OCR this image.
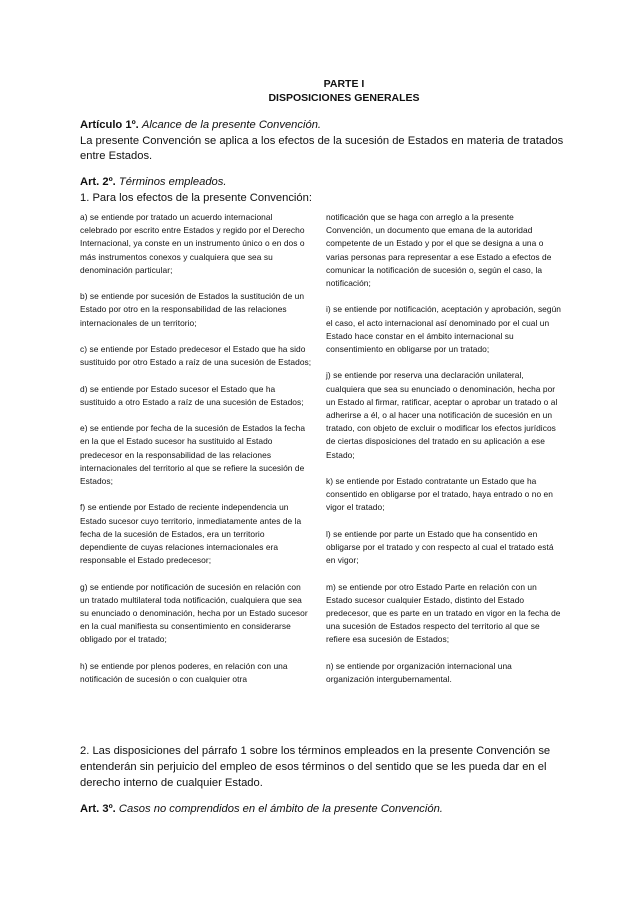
PARTE I
DISPOSICIONES GENERALES
Artículo 1º. Alcance de la presente Convención.
La presente Convención se aplica a los efectos de la sucesión de Estados en materia de tratados entre Estados.
Art. 2º. Términos empleados.
1. Para los efectos de la presente Convención:
a) se entiende por tratado un acuerdo internacional celebrado por escrito entre Estados y regido por el Derecho Internacional, ya conste en un instrumento único o en dos o más instrumentos conexos y cualquiera que sea su denominación particular;
b) se entiende por sucesión de Estados la sustitución de un Estado por otro en la responsabilidad de las relaciones internacionales de un territorio;
c) se entiende por Estado predecesor el Estado que ha sido sustituido por otro Estado a raíz de una sucesión de Estados;
d) se entiende por Estado sucesor el Estado que ha sustituido a otro Estado a raíz de una sucesión de Estados;
e) se entiende por fecha de la sucesión de Estados la fecha en la que el Estado sucesor ha sustituido al Estado predecesor en la responsabilidad de las relaciones internacionales del territorio al que se refiere la sucesión de Estados;
f) se entiende por Estado de reciente independencia un Estado sucesor cuyo territorio, inmediatamente antes de la fecha de la sucesión de Estados, era un territorio dependiente de cuyas relaciones internacionales era responsable el Estado predecesor;
g) se entiende por notificación de sucesión en relación con un tratado multilateral toda notificación, cualquiera que sea su enunciado o denominación, hecha por un Estado sucesor en la cual manifiesta su consentimiento en considerarse obligado por el tratado;
h) se entiende por plenos poderes, en relación con una notificación de sucesión o con cualquier otra
notificación que se haga con arreglo a la presente Convención, un documento que emana de la autoridad competente de un Estado y por el que se designa a una o varias personas para representar a ese Estado a efectos de comunicar la notificación de sucesión o, según el caso, la notificación;
i) se entiende por notificación, aceptación y aprobación, según el caso, el acto internacional así denominado por el cual un Estado hace constar en el ámbito internacional su consentimiento en obligarse por un tratado;
j) se entiende por reserva una declaración unilateral, cualquiera que sea su enunciado o denominación, hecha por un Estado al firmar, ratificar, aceptar o aprobar un tratado o al adherirse a él, o al hacer una notificación de sucesión en un tratado, con objeto de excluir o modificar los efectos jurídicos de ciertas disposiciones del tratado en su aplicación a ese Estado;
k) se entiende por Estado contratante un Estado que ha consentido en obligarse por el tratado, haya entrado o no en vigor el tratado;
l) se entiende por parte un Estado que ha consentido en obligarse por el tratado y con respecto al cual el tratado está en vigor;
m) se entiende por otro Estado Parte en relación con un Estado sucesor cualquier Estado, distinto del Estado predecesor, que es parte en un tratado en vigor en la fecha de una sucesión de Estados respecto del territorio al que se refiere esa sucesión de Estados;
n) se entiende por organización internacional una organización intergubernamental.
2. Las disposiciones del párrafo 1 sobre los términos empleados en la presente Convención se entenderán sin perjuicio del empleo de esos términos o del sentido que se les pueda dar en el derecho interno de cualquier Estado.
Art. 3º. Casos no comprendidos en el ámbito de la presente Convención.
